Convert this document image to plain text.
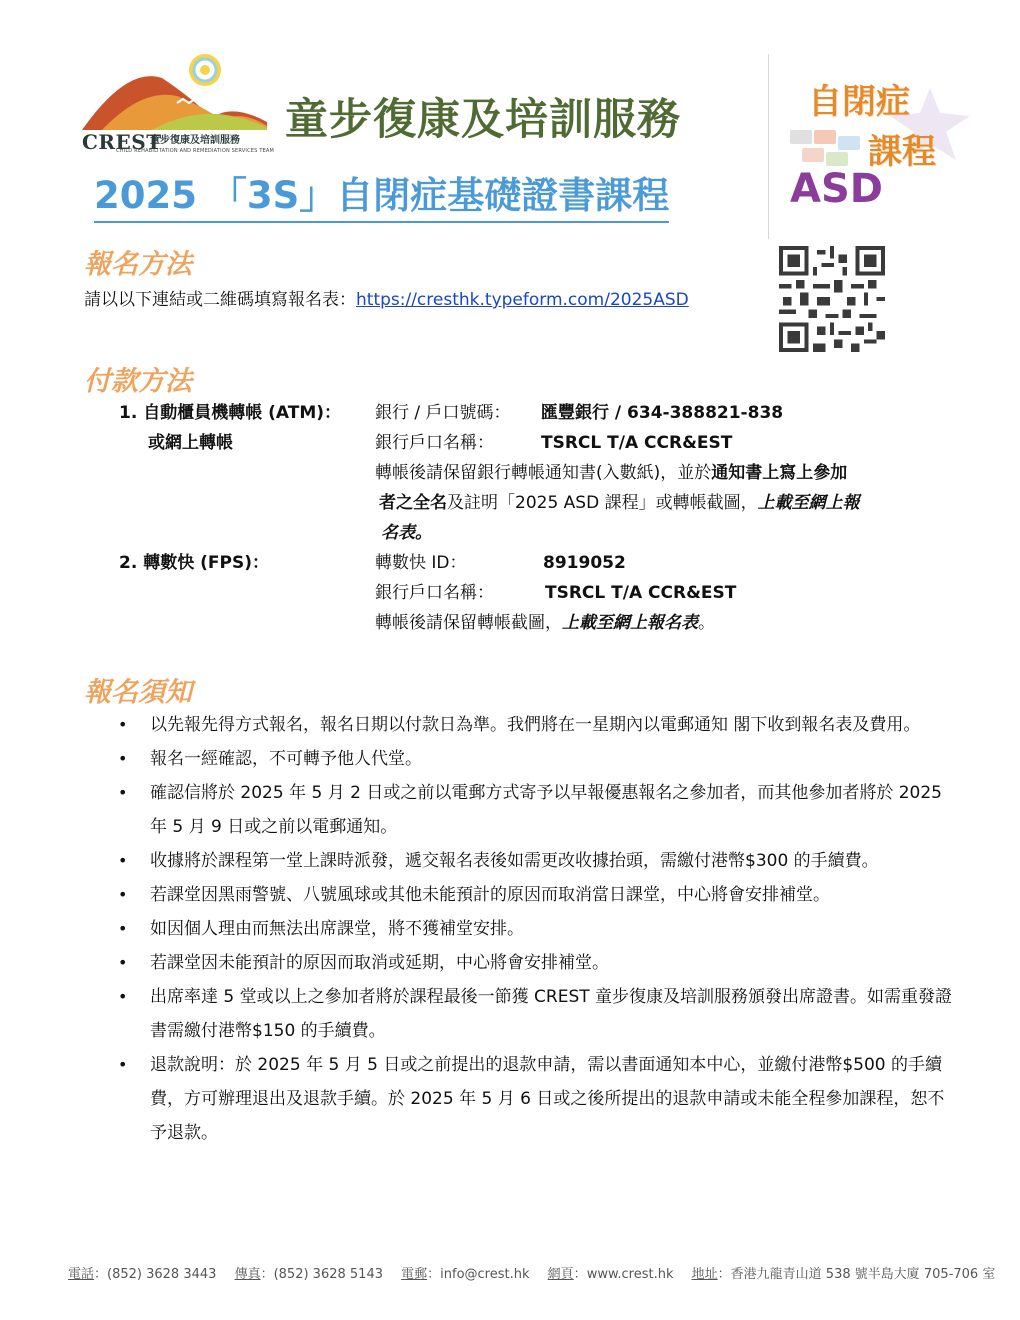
CREST
童步復康及培訓服務
CHILD REHABILITATION AND REMEDIATION SERVICES TEAM
童步復康及培訓服務
2025 「3S」自閉症基礎證書課程
自閉症
課程
ASD
報名方法
請以以下連結或二維碼填寫報名表：https://cresthk.typeform.com/2025ASD
付款方法
1. 自動櫃員機轉帳 (ATM)： 銀行 / 戶口號碼： 匯豐銀行 / 634-388821-838
或網上轉帳	銀行戶口名稱：	TSRCL T/A CCR&EST
轉帳後請保留銀行轉帳通知書(入數紙)，並於通知書上寫上參加
者之全名及註明「2025 ASD 課程」或轉帳截圖，上載至網上報
名表。
2. 轉數快 (FPS)：	轉數快 ID：	8919052
銀行戶口名稱：	TSRCL T/A CCR&EST
轉帳後請保留轉帳截圖，上載至網上報名表。
報名須知
• 以先報先得方式報名，報名日期以付款日為準。我們將在一星期內以電郵通知 閣下收到報名表及費用。
• 報名一經確認，不可轉予他人代堂。
• 確認信將於 2025 年 5 月 2 日或之前以電郵方式寄予以早報優惠報名之參加者，而其他參加者將於 2025 年 5 月 9 日或之前以電郵通知。
• 收據將於課程第一堂上課時派發，遞交報名表後如需更改收據抬頭，需繳付港幣$300 的手續費。
• 若課堂因黑雨警號、八號風球或其他未能預計的原因而取消當日課堂，中心將會安排補堂。
• 如因個人理由而無法出席課堂，將不獲補堂安排。
• 若課堂因未能預計的原因而取消或延期，中心將會安排補堂。
• 出席率達 5 堂或以上之參加者將於課程最後一節獲 CREST 童步復康及培訓服務頒發出席證書。如需重發證書需繳付港幣$150 的手續費。
• 退款說明：於 2025 年 5 月 5 日或之前提出的退款申請，需以書面通知本中心，並繳付港幣$500 的手續費，方可辦理退出及退款手續。於 2025 年 5 月 6 日或之後所提出的退款申請或未能全程參加課程，恕不予退款。
電話：(852) 3628 3443 傳真：(852) 3628 5143 電郵：info@crest.hk 網頁：www.crest.hk 地址：香港九龍青山道 538 號半島大廈 705-706 室
